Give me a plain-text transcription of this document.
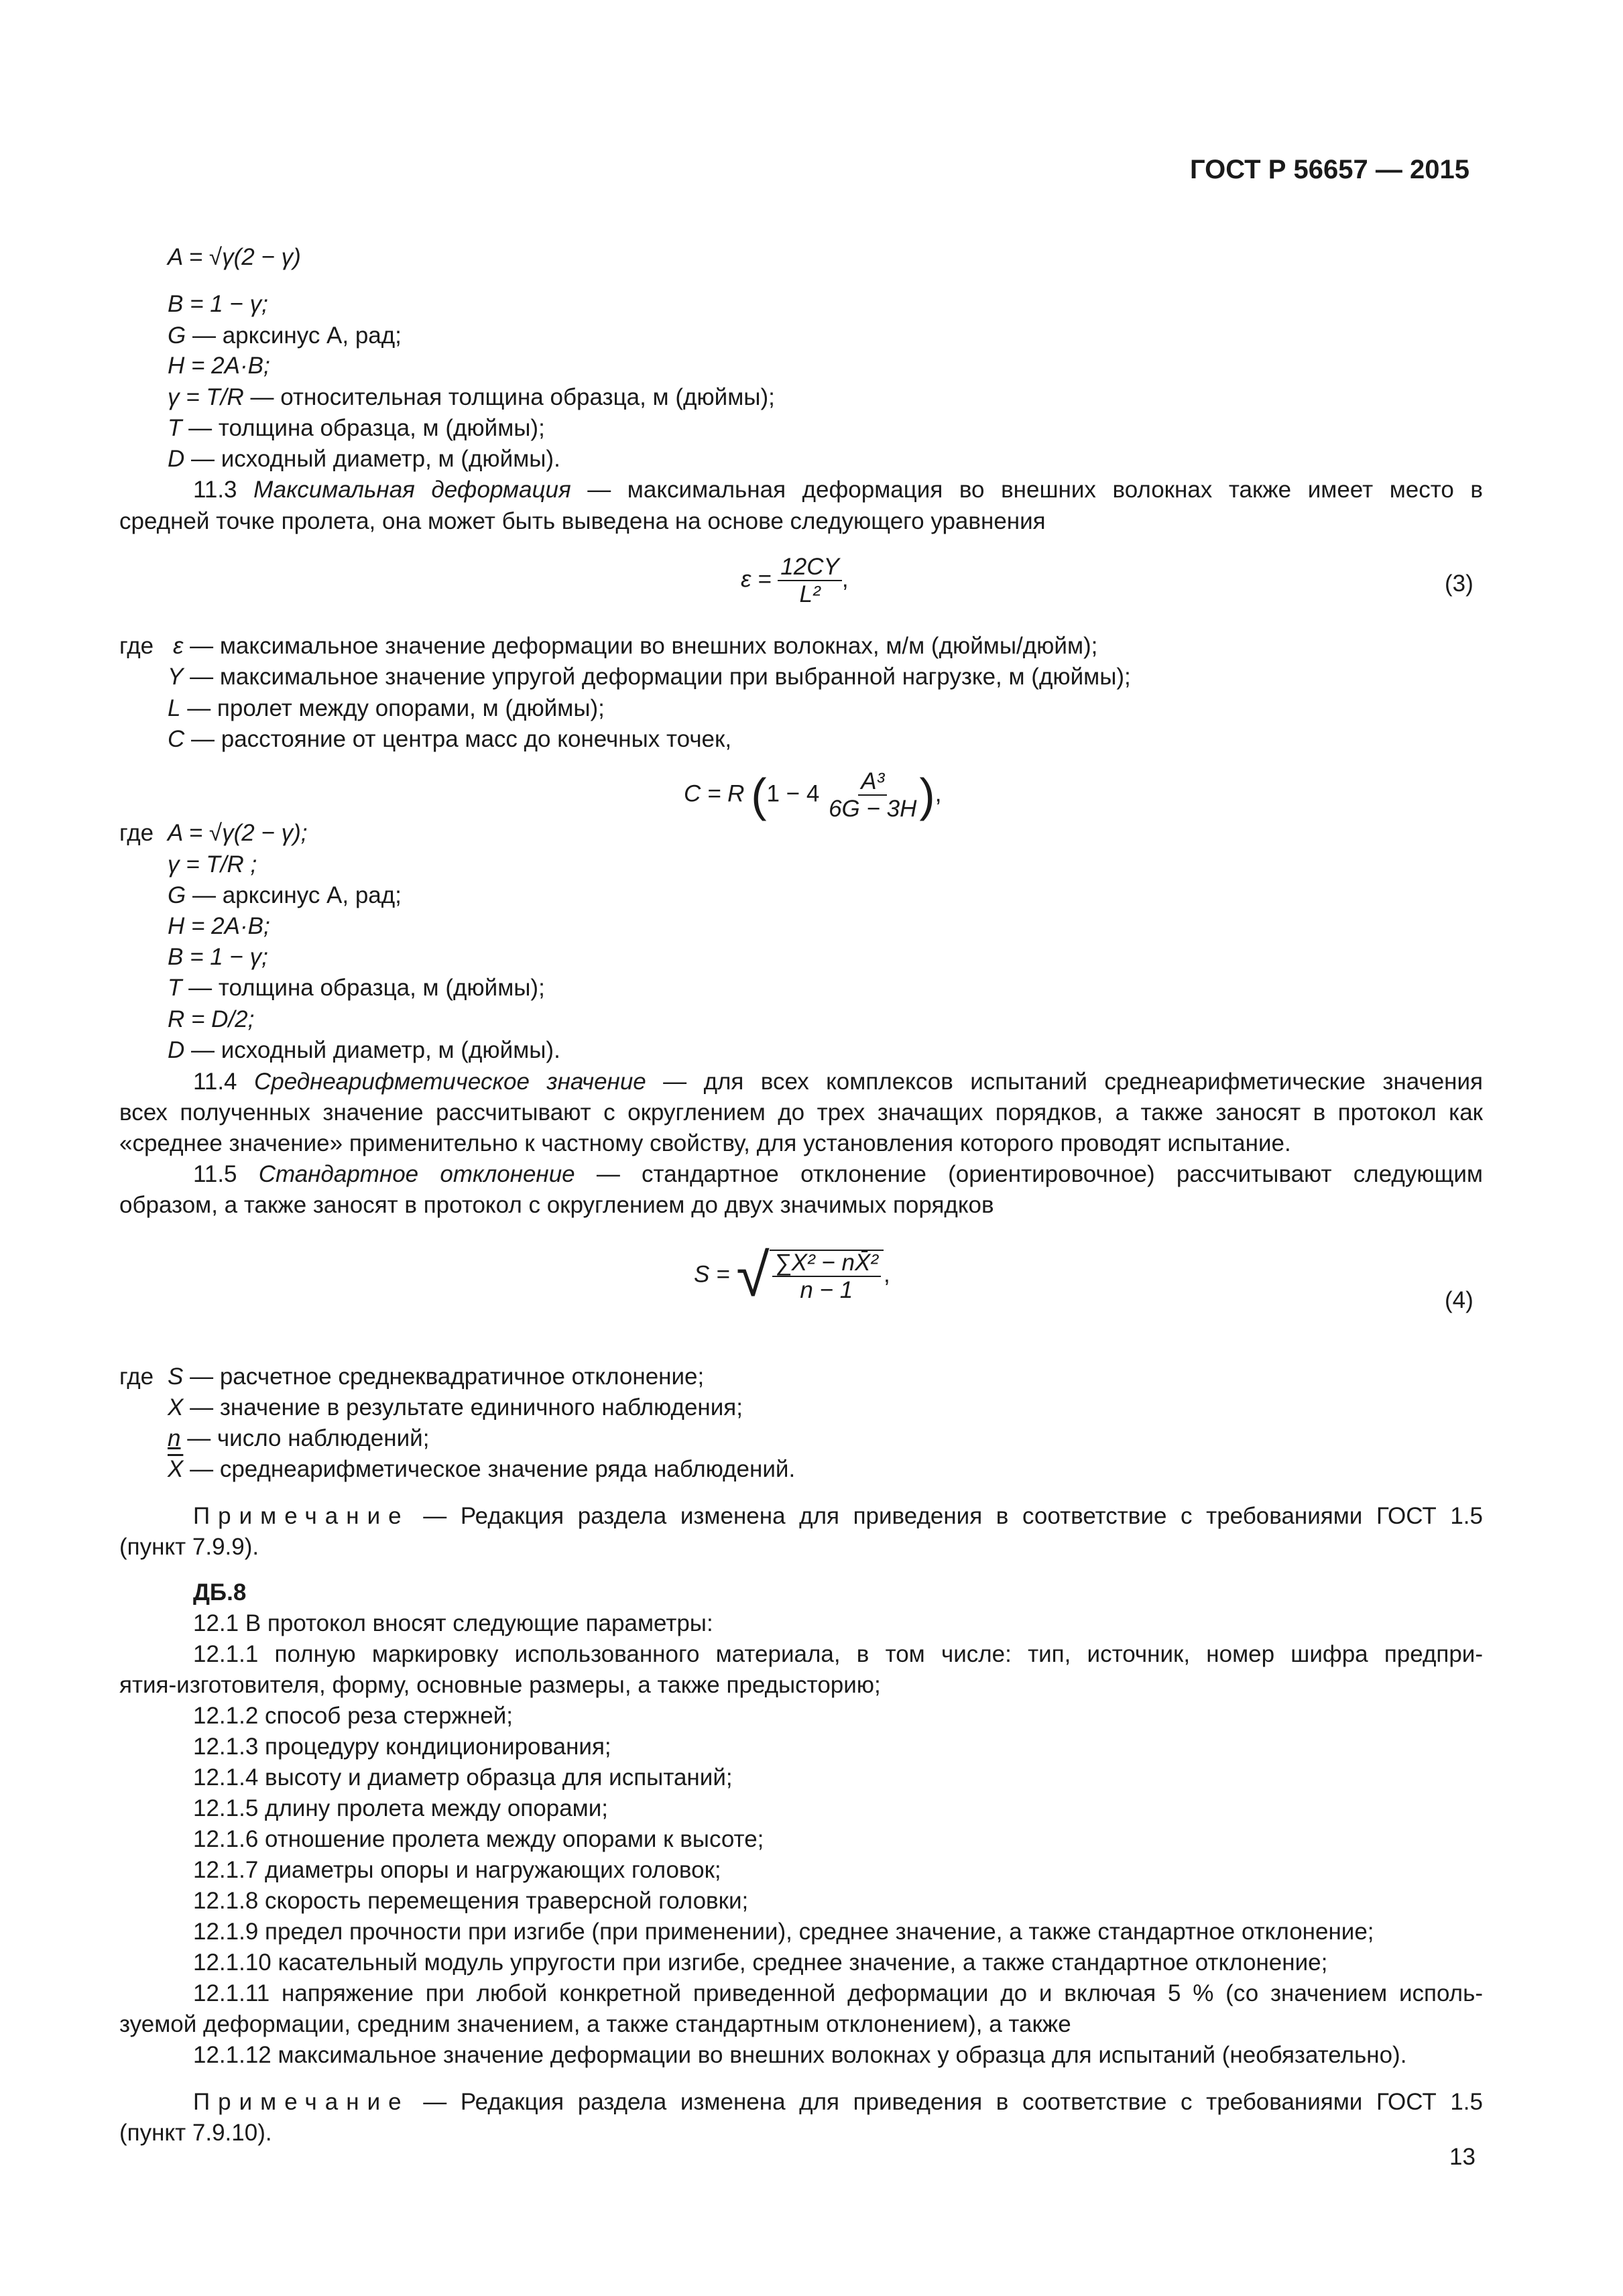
ГОСТ Р 56657 — 2015
A = √γ(2 − γ)
B = 1 − γ;
G — арксинус A, рад;
H = 2A·B;
γ = T/R — относительная толщина образца, м (дюймы);
T — толщина образца, м (дюймы);
D — исходный диаметр, м (дюймы).
11.3 Максимальная деформация — максимальная деформация во внешних волокнах также имеет место в
средней точке пролета, она может быть выведена на основе следующего уравнения
$\varepsilon = \frac{12CY}{\text{L²}}$ ,	(3)
где ε — максимальное значение деформации во внешних волокнах, м/м (дюймы/дюйм);
Y — максимальное значение упругой деформации при выбранной нагрузке, м (дюймы);
L — пролет между опорами, м (дюймы);
C — расстояние от центра масс до конечных точек,
C = R ($1 - 4 \frac{\text{A³}}{6G - 3H}$ ),
где A = √γ(2 − γ);
γ = T/R ;
G — арксинус A, рад;
H = 2A·B;
B = 1 − γ;
T — толщина образца, м (дюймы);
R = D/2;
D — исходный диаметр, м (дюймы).
11.4 Среднеарифметическое значение — для всех комплексов испытаний среднеарифметические значения
всех полученных значение рассчитывают с округлением до трех значащих порядков, а также заносят в протокол как
«среднее значение» применительно к частному свойству, для установления которого проводят испытание.
11.5 Стандартное отклонение — стандартное отклонение (ориентировочное) рассчитывают следующим
образом, а также заносят в протокол с округлением до двух значимых порядков
S = √ $\frac{\text{∑X² − nX̄²}}{n - 1}$ ,
(4)
где S — расчетное среднеквадратичное отклонение;
X — значение в результате единичного наблюдения;
n — число наблюдений;
$\overline{X}$ — среднеарифметическое значение ряда наблюдений.
Примечание — Редакция раздела изменена для приведения в соответствие с требованиями ГОСТ 1.5
(пункт 7.9.9).
ДБ.8
12.1 В протокол вносят следующие параметры:
12.1.1 полную маркировку использованного материала, в том числе: тип, источник, номер шифра предпри-
ятия-изготовителя, форму, основные размеры, а также предысторию;
12.1.2 способ реза стержней;
12.1.3 процедуру кондиционирования;
12.1.4 высоту и диаметр образца для испытаний;
12.1.5 длину пролета между опорами;
12.1.6 отношение пролета между опорами к высоте;
12.1.7 диаметры опоры и нагружающих головок;
12.1.8 скорость перемещения траверсной головки;
12.1.9 предел прочности при изгибе (при применении), среднее значение, а также стандартное отклонение;
12.1.10 касательный модуль упругости при изгибе, среднее значение, а также стандартное отклонение;
12.1.11 напряжение при любой конкретной приведенной деформации до и включая 5 % (со значением исполь-
зуемой деформации, средним значением, а также стандартным отклонением), а также
12.1.12 максимальное значение деформации во внешних волокнах у образца для испытаний (необязательно).
Примечание — Редакция раздела изменена для приведения в соответствие с требованиями ГОСТ 1.5
(пункт 7.9.10).
13
